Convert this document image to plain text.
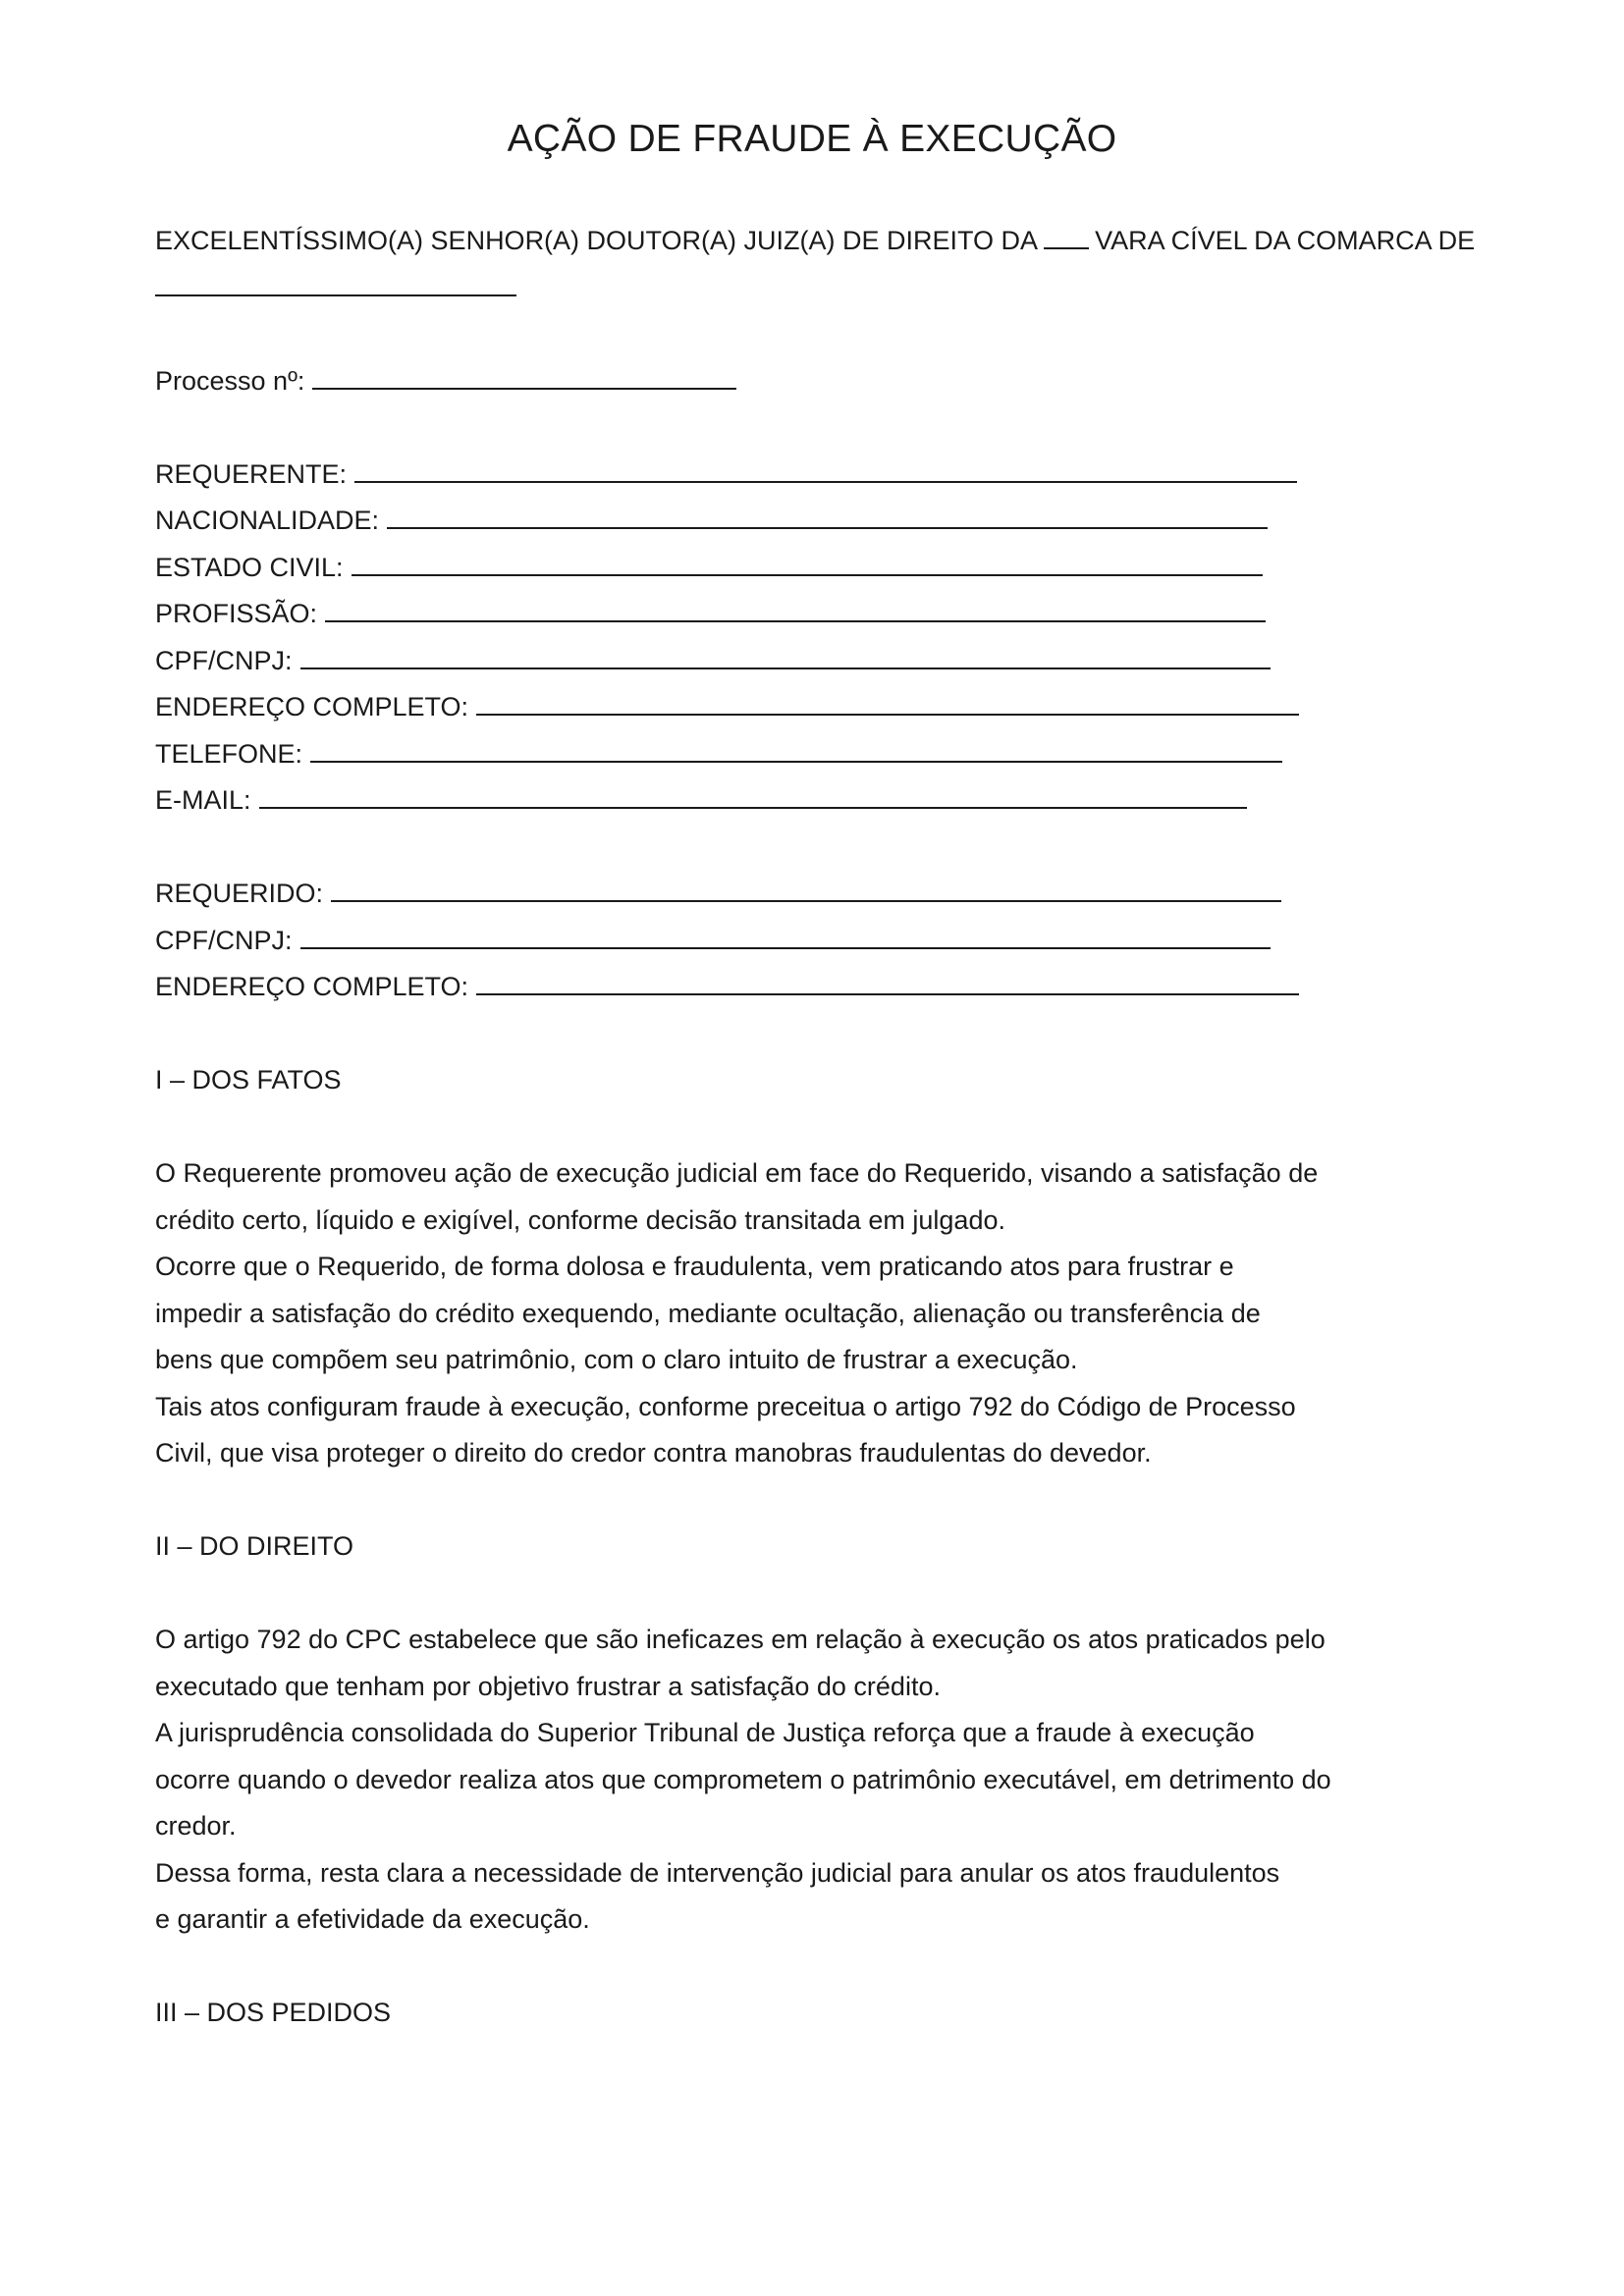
AÇÃO DE FRAUDE À EXECUÇÃO
EXCELENTÍSSIMO(A) SENHOR(A) DOUTOR(A) JUIZ(A) DE DIREITO DA VARA CÍVEL DA COMARCA DE
Processo nº:
REQUERENTE:
NACIONALIDADE:
ESTADO CIVIL:
PROFISSÃO:
CPF/CNPJ:
ENDEREÇO COMPLETO:
TELEFONE:
E-MAIL:
REQUERIDO:
CPF/CNPJ:
ENDEREÇO COMPLETO:
I – DOS FATOS
O Requerente promoveu ação de execução judicial em face do Requerido, visando a satisfação de
crédito certo, líquido e exigível, conforme decisão transitada em julgado.
Ocorre que o Requerido, de forma dolosa e fraudulenta, vem praticando atos para frustrar e
impedir a satisfação do crédito exequendo, mediante ocultação, alienação ou transferência de
bens que compõem seu patrimônio, com o claro intuito de frustrar a execução.
Tais atos configuram fraude à execução, conforme preceitua o artigo 792 do Código de Processo
Civil, que visa proteger o direito do credor contra manobras fraudulentas do devedor.
II – DO DIREITO
O artigo 792 do CPC estabelece que são ineficazes em relação à execução os atos praticados pelo
executado que tenham por objetivo frustrar a satisfação do crédito.
A jurisprudência consolidada do Superior Tribunal de Justiça reforça que a fraude à execução
ocorre quando o devedor realiza atos que comprometem o patrimônio executável, em detrimento do
credor.
Dessa forma, resta clara a necessidade de intervenção judicial para anular os atos fraudulentos
e garantir a efetividade da execução.
III – DOS PEDIDOS
